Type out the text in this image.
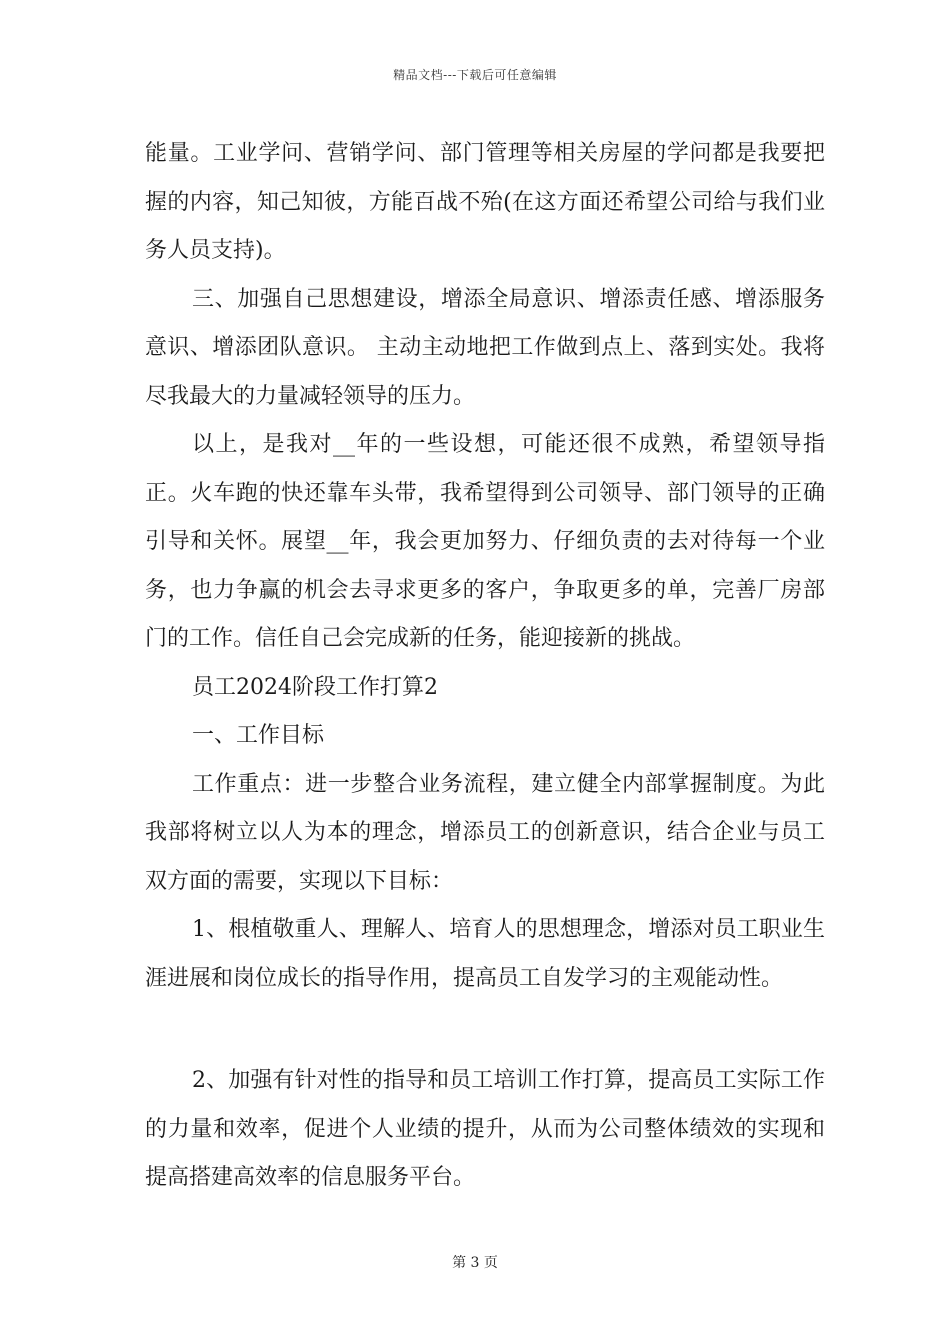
精品文档---下载后可任意编辑

能量。工业学问、营销学问、部门管理等相关房屋的学问都是我要把握的内容，知己知彼，方能百战不殆(在这方面还希望公司给与我们业务人员支持)。

三、加强自己思想建设，增添全局意识、增添责任感、增添服务意识、增添团队意识。 主动主动地把工作做到点上、落到实处。我将尽我最大的力量减轻领导的压力。

以上，是我对__年的一些设想，可能还很不成熟，希望领导指正。火车跑的快还靠车头带，我希望得到公司领导、部门领导的正确引导和关怀。展望__年，我会更加努力、仔细负责的去对待每一个业务，也力争赢的机会去寻求更多的客户，争取更多的单，完善厂房部门的工作。信任自己会完成新的任务，能迎接新的挑战。

员工2024阶段工作打算2

一、工作目标

工作重点：进一步整合业务流程，建立健全内部掌握制度。为此我部将树立以人为本的理念，增添员工的创新意识，结合企业与员工双方面的需要，实现以下目标：

1、根植敬重人、理解人、培育人的思想理念，增添对员工职业生涯进展和岗位成长的指导作用，提高员工自发学习的主观能动性。

2、加强有针对性的指导和员工培训工作打算，提高员工实际工作的力量和效率，促进个人业绩的提升，从而为公司整体绩效的实现和提高搭建高效率的信息服务平台。

第 3 页
